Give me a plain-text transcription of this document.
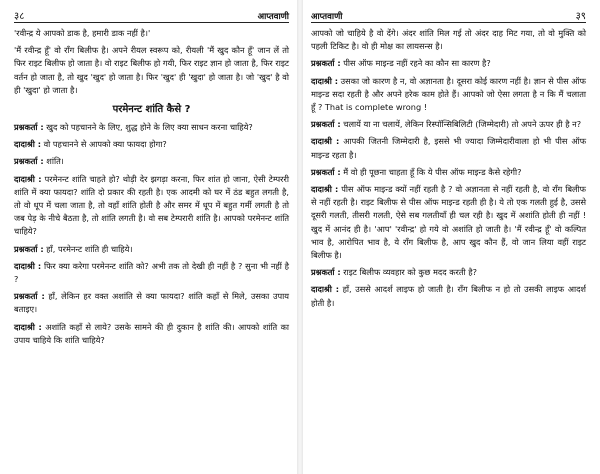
३८	आप्तवाणी

'रवीन्द्र ये आपको डाक है, हमारी डाक नहीं है।'

'मैं रवीन्द्र हूँ' वो रॉंग बिलीफ है। अपने रीयल स्वरूप को, रीयली 'मैं खुद कौन हूँ' जान लें तो फिर राइट बिलीफ हो जाता है। वो राइट बिलीफ हो गयी, फिर राइट ज्ञान हो जाता है, फिर राइट वर्तन हो जाता है, तो खुद 'खुद' हो जाता है। फिर 'खुद' ही 'खुदा' हो जाता है। जो 'खुद' है वो ही 'खुदा' हो जाता है।

परमेनन्ट शांति कैसे ?

प्रश्नकर्ता : खुद को पहचानने के लिए, शुद्ध होने के लिए क्या साधन करना चाहिये?

दादाश्री : वो पहचानने से आपको क्या फायदा होगा?

प्रश्नकर्ता : शांति।

दादाश्री : परमेनन्ट शांति चाहते हो? थोड़ी देर झगड़ा करना, फिर शांत हो जाना, ऐसी टेम्पररी शांति में क्या फायदा? शांति दो प्रकार की रहती है। एक आदमी को घर में ठंड बहुत लगती है, तो वो धूप में चला जाता है, तो वहाँ शांति होती है और समर में धूप में बहुत गर्मी लगती है तो जब पेड़ के नीचे बैठता है, तो शांति लगती है। वो सब टेम्परारी शांति है। आपको परमेनन्ट शांति चाहिये?

प्रश्नकर्ता : हाँ, परमेनन्ट शांति ही चाहिये।

दादाश्री : फिर क्या करेगा परमेनन्ट शांति को? अभी तक तो देखी ही नहीं है ? सुना भी नहीं है ?

प्रश्नकर्ता : हाँ, लेकिन हर वक्त अशांति से क्या फायदा? शांति कहाँ से मिले, उसका उपाय बताइए।

दादाश्री : अशांति कहाँ से लाये? उसके सामने की ही दुकान है शांति की। आपको शांति का उपाय चाहिये कि शांति चाहिये?

आप्तवाणी	३९

आपको जो चाहिये है वो देंगे। अंदर शांति मिल गई तो अंदर दाह मिट गया, तो वो मुक्ति को पहली टिकिट है। वो ही मोक्ष का लायसन्स है।

प्रश्नकर्ता : पीस ऑफ माइन्ड नहीं रहने का कौन सा कारण है?

दादाश्री : उसका जो कारण है न, वो अज्ञानता है। दूसरा कोई कारण नहीं है। ज्ञान से पीस ऑफ माइन्ड सदा रहती है और अपने हरेक काम होते हैं। आपको जो ऐसा लगता है न कि मैं चलाता हूँ ? That is complete wrong !

प्रश्नकर्ता : चलायें या ना चलायें, लेकिन रिस्पॉन्सिबिलिटी (जिम्मेदारी) तो अपने ऊपर ही है न?

दादाश्री : आपकी जितनी जिम्मेदारी है, इससे भी ज्यादा जिम्मेदारीवाला हो भी पीस ऑफ माइन्ड रहता है।

प्रश्नकर्ता : मैं वो ही पूछना चाहता हूँ कि ये पीस ऑफ माइन्ड कैसे रहेगी?

दादाश्री : पीस ऑफ माइन्ड क्यों नहीं रहती है ? वो अज्ञानता से नहीं रहती है, वो रॉंग बिलीफ से नहीं रहती है। राइट बिलीफ से पीस ऑफ माइन्ड रहती ही है। ये तो एक गलती हुई है, उससे दूसरी गलती, तीसरी गलती, ऐसे सब गलतीयाँ ही चल रही है। खुद में अशांति होती ही नहीं ! खुद में आनंद ही है। 'आप' 'रवीन्द्र' हो गये वो अशांति हो जाती है। 'मैं रवीन्द्र हूँ' वो कल्पित भाव है, आरोपित भाव है, ये रॉंग बिलीफ है, आप खुद कौन हैं, वो जान लिया वहीं राइट बिलीफ है।

प्रश्नकर्ता : राइट बिलीफ व्यवहार को कुछ मदद करती है?

दादाश्री : हाँ, उससे आदर्श लाइफ हो जाती है। रॉंग बिलीफ न हो तो उसकी लाइफ आदर्श होती है।
